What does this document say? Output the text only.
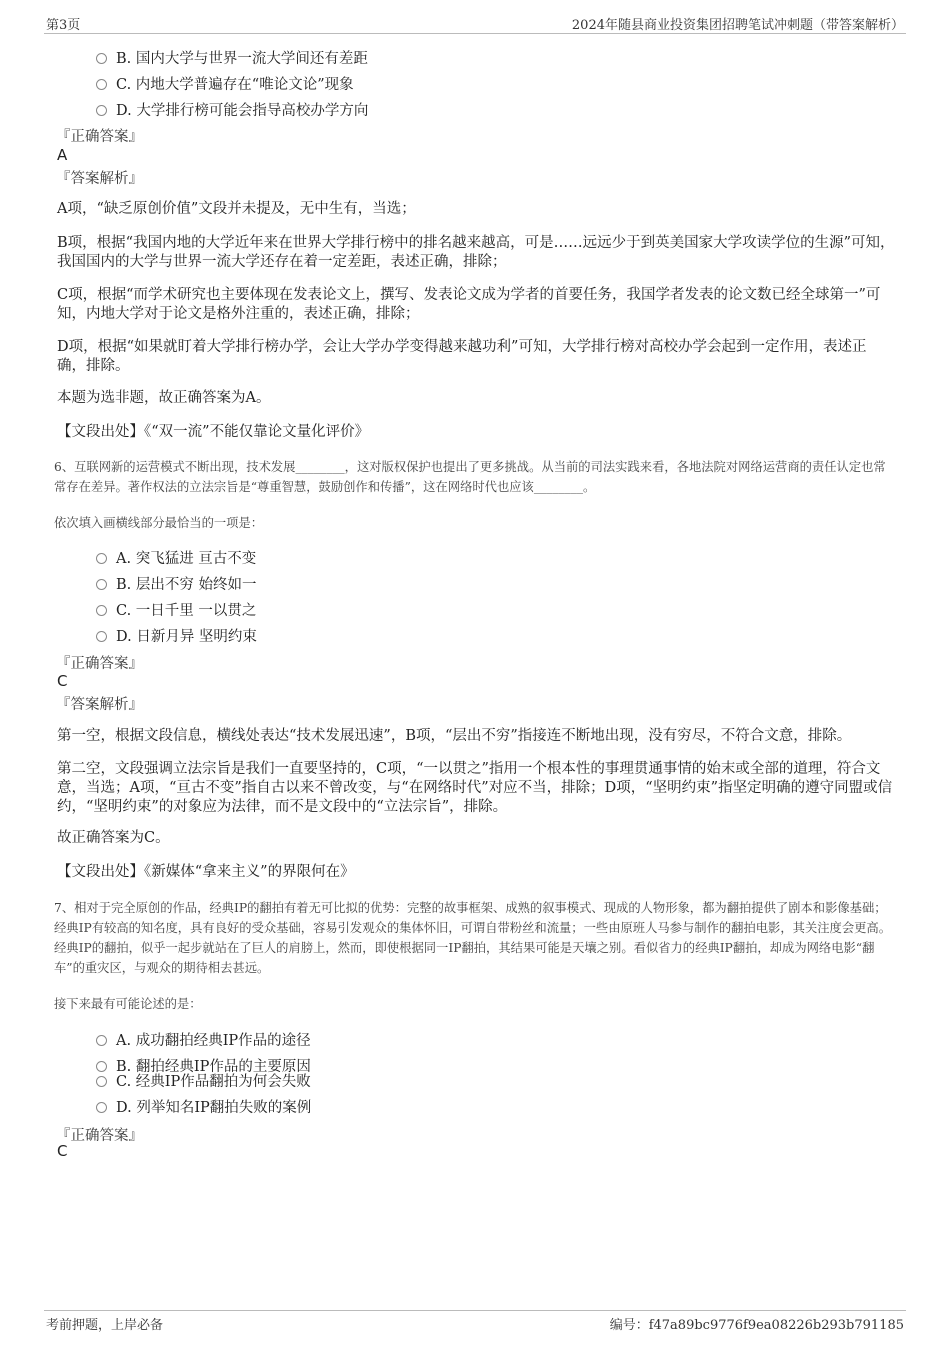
第3页	2024年随县商业投资集团招聘笔试冲刺题（带答案解析）
B. 国内大学与世界一流大学间还有差距
C. 内地大学普遍存在“唯论文论”现象
D. 大学排行榜可能会指导高校办学方向
『正确答案』
A
『答案解析』
A项，“缺乏原创价值”文段并未提及，无中生有，当选；
B项，根据“我国内地的大学近年来在世界大学排行榜中的排名越来越高，可是……远远少于到英美国家大学攻读学位的生源”可知，我国国内的大学与世界一流大学还存在着一定差距，表述正确，排除；
C项，根据“而学术研究也主要体现在发表论文上，撰写、发表论文成为学者的首要任务，我国学者发表的论文数已经全球第一”可知，内地大学对于论文是格外注重的，表述正确，排除；
D项，根据“如果就盯着大学排行榜办学，会让大学办学变得越来越功利”可知，大学排行榜对高校办学会起到一定作用，表述正确，排除。
本题为选非题，故正确答案为A。
【文段出处】《“双一流”不能仅靠论文量化评价》
6、互联网新的运营模式不断出现，技术发展________，这对版权保护也提出了更多挑战。从当前的司法实践来看，各地法院对网络运营商的责任认定也常常存在差异。著作权法的立法宗旨是“尊重智慧，鼓励创作和传播”，这在网络时代也应该________。
依次填入画横线部分最恰当的一项是：
A. 突飞猛进 亘古不变
B. 层出不穷 始终如一
C. 一日千里 一以贯之
D. 日新月异 坚明约束
『正确答案』
C
『答案解析』
第一空，根据文段信息，横线处表达“技术发展迅速”，B项，“层出不穷”指接连不断地出现，没有穷尽，不符合文意，排除。
第二空，文段强调立法宗旨是我们一直要坚持的，C项，“一以贯之”指用一个根本性的事理贯通事情的始末或全部的道理，符合文意，当选；A项，“亘古不变”指自古以来不曾改变，与“在网络时代”对应不当，排除；D项，“坚明约束”指坚定明确的遵守同盟或信约，“坚明约束”的对象应为法律，而不是文段中的“立法宗旨”，排除。
故正确答案为C。
【文段出处】《新媒体“拿来主义”的界限何在》
7、相对于完全原创的作品，经典IP的翻拍有着无可比拟的优势：完整的故事框架、成熟的叙事模式、现成的人物形象，都为翻拍提供了剧本和影像基础；经典IP有较高的知名度，具有良好的受众基础，容易引发观众的集体怀旧，可谓自带粉丝和流量；一些由原班人马参与制作的翻拍电影，其关注度会更高。经典IP的翻拍，似乎一起步就站在了巨人的肩膀上，然而，即使根据同一IP翻拍，其结果可能是天壤之别。看似省力的经典IP翻拍，却成为网络电影“翻车”的重灾区，与观众的期待相去甚远。
接下来最有可能论述的是：
A. 成功翻拍经典IP作品的途径
B. 翻拍经典IP作品的主要原因
C. 经典IP作品翻拍为何会失败
D. 列举知名IP翻拍失败的案例
『正确答案』
C
考前押题，上岸必备	编号：f47a89bc9776f9ea08226b293b791185
